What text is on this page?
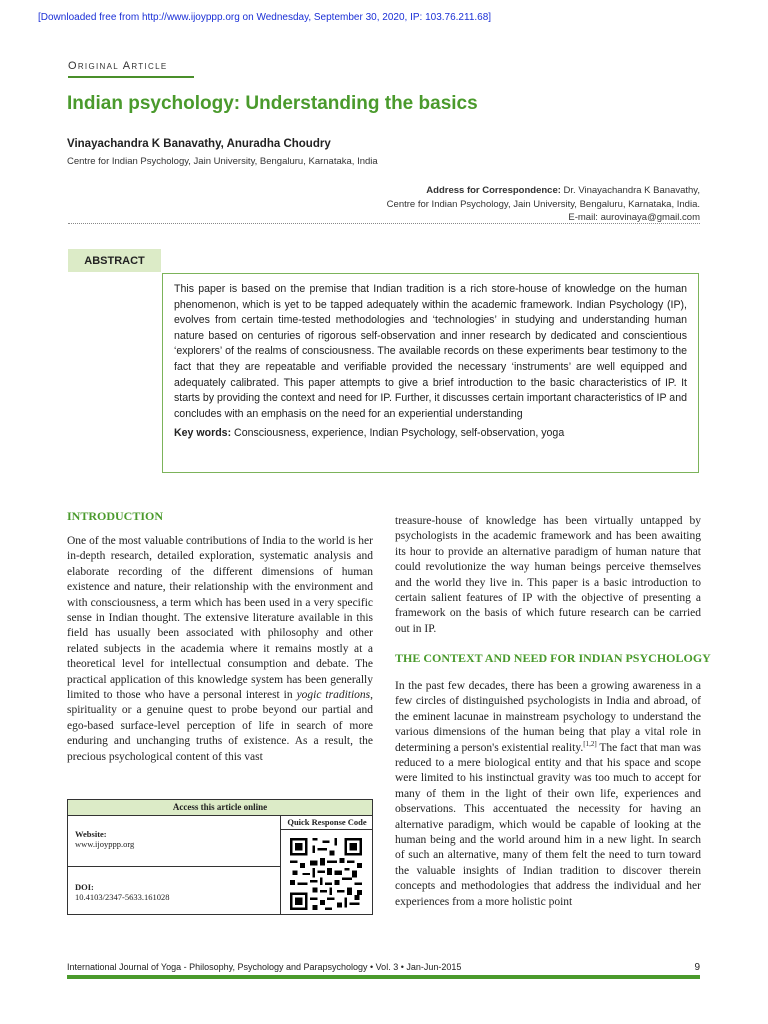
[Downloaded free from http://www.ijoyppp.org on Wednesday, September 30, 2020, IP: 103.76.211.68]
Original Article
Indian psychology: Understanding the basics
Vinayachandra K Banavathy, Anuradha Choudry
Centre for Indian Psychology, Jain University, Bengaluru, Karnataka, India
Address for Correspondence: Dr. Vinayachandra K Banavathy,
Centre for Indian Psychology, Jain University, Bengaluru, Karnataka, India.
E-mail: aurovinaya@gmail.com
ABSTRACT
This paper is based on the premise that Indian tradition is a rich store-house of knowledge on the human phenomenon, which is yet to be tapped adequately within the academic framework. Indian Psychology (IP), evolves from certain time-tested methodologies and ‘technologies’ in studying and understanding human nature based on centuries of rigorous self-observation and inner research by dedicated and conscientious ‘explorers’ of the realms of consciousness. The available records on these experiments bear testimony to the fact that they are repeatable and verifiable provided the necessary ‘instruments’ are well equipped and adequately calibrated. This paper attempts to give a brief introduction to the basic characteristics of IP. It starts by providing the context and need for IP. Further, it discusses certain important characteristics of IP and concludes with an emphasis on the need for an experiential understanding
Key words: Consciousness, experience, Indian Psychology, self-observation, yoga
INTRODUCTION
One of the most valuable contributions of India to the world is her in-depth research, detailed exploration, systematic analysis and elaborate recording of the different dimensions of human existence and nature, their relationship with the environment and with consciousness, a term which has been used in a very specific sense in Indian thought. The extensive literature available in this field has usually been associated with philosophy and other related subjects in the academia where it remains mostly at a theoretical level for intellectual consumption and debate. The practical application of this knowledge system has been generally limited to those who have a personal interest in yogic traditions, spirituality or a genuine quest to probe beyond our partial and ego-based surface-level perception of life in search of more enduring and unchanging truths of existence. As a result, the precious psychological content of this vast
treasure-house of knowledge has been virtually untapped by psychologists in the academic framework and has been awaiting its hour to provide an alternative paradigm of human nature that could revolutionize the way human beings perceive themselves and the world they live in. This paper is a basic introduction to certain salient features of IP with the objective of presenting a framework on the basis of which future research can be carried out in IP.
THE CONTEXT AND NEED FOR INDIAN PSYCHOLOGY
In the past few decades, there has been a growing awareness in a few circles of distinguished psychologists in India and abroad, of the eminent lacunae in mainstream psychology to understand the various dimensions of the human being that play a vital role in determining a person's existential reality.[1,2] The fact that man was reduced to a mere biological entity and that his space and scope were limited to his instinctual gravity was too much to accept for many of them in the light of their own life, experiences and observations. This accentuated the necessity for having an alternative paradigm, which would be capable of looking at the human being and the world around him in a new light. In search of such an alternative, many of them felt the need to turn toward the valuable insights of Indian tradition to discover therein concepts and methodologies that address the individual and her experiences from a more holistic point
Access this article online
Website:
www.ijoyppp.org
DOI:
10.4103/2347-5633.161028
Quick Response Code
International Journal of Yoga - Philosophy, Psychology and Parapsychology • Vol. 3 • Jan-Jun-2015	9
